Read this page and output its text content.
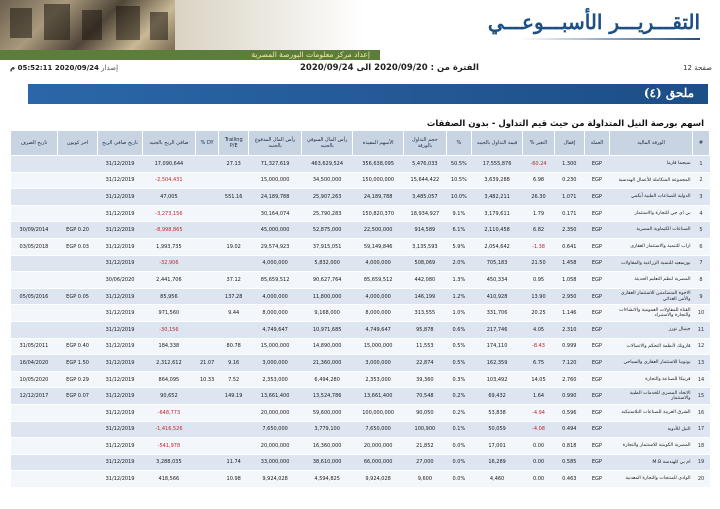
التقـــريـــر الأسبـــوعـــي
إعداد مركز معلومات البورصة المصرية
صفحة 12
الفترة من : 2020/09/20 الى 2020/09/24
إصدار 2020/09/24 05:52:11 م
ملحق (٤)
اسهم بورصة النيل المتداولة من حيث قيم التداول - بدون الصفقات
#	الورقة المالية	العملة	إقفال	التغير %	قيمة التداول بالجنيه	%	حجم التداول بالورقة	الأسهم المقيدة	رأس المال السوقي بالجنيه	رأس المال المدفوع بالجنيه	Trailing P/E	DY %	صافي الربح بالجنيه	تاريخ صافي الربح	اخر كوبون	تاريخ الصرف
1	سيجما فارما	EGP	1.300	-60.24	17,555,876	50.5%	5,476,033	356,638,095	463,629,524	71,327,619	27.13		17,090,644	31/12/2019		
2	المجموعة المتكاملة للأعمال الهندسية	EGP	0.230	6.98	3,639,288	10.5%	15,644,422	150,000,000	34,500,000	15,000,000			-2,504,431	31/12/2019		
3	الدولية للصناعات الطبية أيكمي	EGP	1.071	26.30	3,482,211	10.0%	3,485,057	24,189,788	25,907,263	24,189,788	551.16		47,005	31/12/2019		
4	بي اي جي للتجارة والاستثمار	EGP	0.171	1.79	3,179,611	9.1%	18,934,927	150,820,370	25,790,283	30,164,074			-3,273,156	31/12/2019		
5	الصناعات الكيماوية المصرية	EGP	2.350	6.82	2,110,458	6.1%	914,589	22,500,000	52,875,000	45,000,000			-8,998,865	31/12/2019	EGP 0.20	30/09/2014
6	اراب للتنمية والاستثمار العقاري	EGP	0.641	-1.38	2,054,642	5.9%	3,135,593	59,149,846	37,915,051	29,574,923	19.02		1,993,735	31/12/2019	EGP 0.03	03/05/2018
7	بورسعيد للتنمية الزراعية والمقاولات	EGP	1.458	21.50	705,183	2.0%	508,069	4,000,000	5,832,000	4,000,000			-32,906	31/12/2019		
8	المصرية لنظم التعليم الحديثة	EGP	1.058	0.95	450,334	1.3%	442,080	85,659,512	90,627,764	85,659,512	37.12		2,441,706	30/06/2020		
9	الاخوة المتضامنين للاستثمار العقاري والأمن الغذائي	EGP	2.950	13.90	410,928	1.2%	146,199	4,000,000	11,800,000	4,000,000	137.28		85,956	31/12/2019	EGP 0.05	05/05/2016
10	القناة للمقاولات العمومية والانشاءات والتجارة والاستيراد	EGP	1.146	20.25	331,706	1.0%	313,555	8,000,000	9,168,000	8,000,000	9.44		971,560	31/12/2019		
11	جينيال تورز	EGP	2.310	4.05	217,746	0.6%	95,878	4,749,647	10,971,685	4,749,647			-30,156	31/12/2019		
12	فاروتك لأنظمة التحكم والاتصالات	EGP	0.999	-8.43	174,110	0.5%	11,553	15,000,000	14,890,000	15,000,000	80.78		184,338	31/12/2019	EGP 0.40	31/05/2011
13	يوتوبيا للاستثمار العقاري والسياحي	EGP	7.120	6.75	162,359	0.5%	22,874	3,000,000	21,360,000	3,000,000	9.16	21.07	2,312,612	31/12/2019	EGP 1.50	16/04/2020
14	فرتيكا للصناعة والتجارة	EGP	2.760	14.05	103,492	0.3%	39,360	2,353,000	6,494,280	2,353,000	7.52	10.33	864,095	31/12/2019	EGP 0.29	10/05/2020
15	الاتحاد المصري للخدمات الطبية والاستثمار	EGP	0.990	1.64	69,432	0.2%	70,548	13,661,400	13,524,786	13,661,400	149.19		90,652	31/12/2019	EGP 0.07	12/12/2017
16	الشرق العربية للصناعات البلاستيكية	EGP	0.596	-4.94	53,838	0.2%	90,050	100,000,000	59,600,000	20,000,000			-648,773	31/12/2019		
17	النيل للأدوية	EGP	0.494	-4.08	50,059	0.1%	100,900	7,650,000	3,779,100	7,650,000			-1,416,526	31/12/2019		
18	المصرية الكويتية للاستثمار والتجارة	EGP	0.818	0.00	17,001	0.0%	21,852	20,000,000	16,360,000	20,000,000			-541,978	31/12/2019		
19	ام بي للهندسة M.B	EGP	0.585	0.00	16,289	0.0%	27,000	66,000,000	38,610,000	33,000,000	11.74		3,288,035	31/12/2019		
20	الوادي للمنتجات والتجارة المعدنية	EGP	0.463	0.00	4,460	0.0%	9,600	9,924,028	4,594,825	9,924,028	10.98		418,566	31/12/2019		
